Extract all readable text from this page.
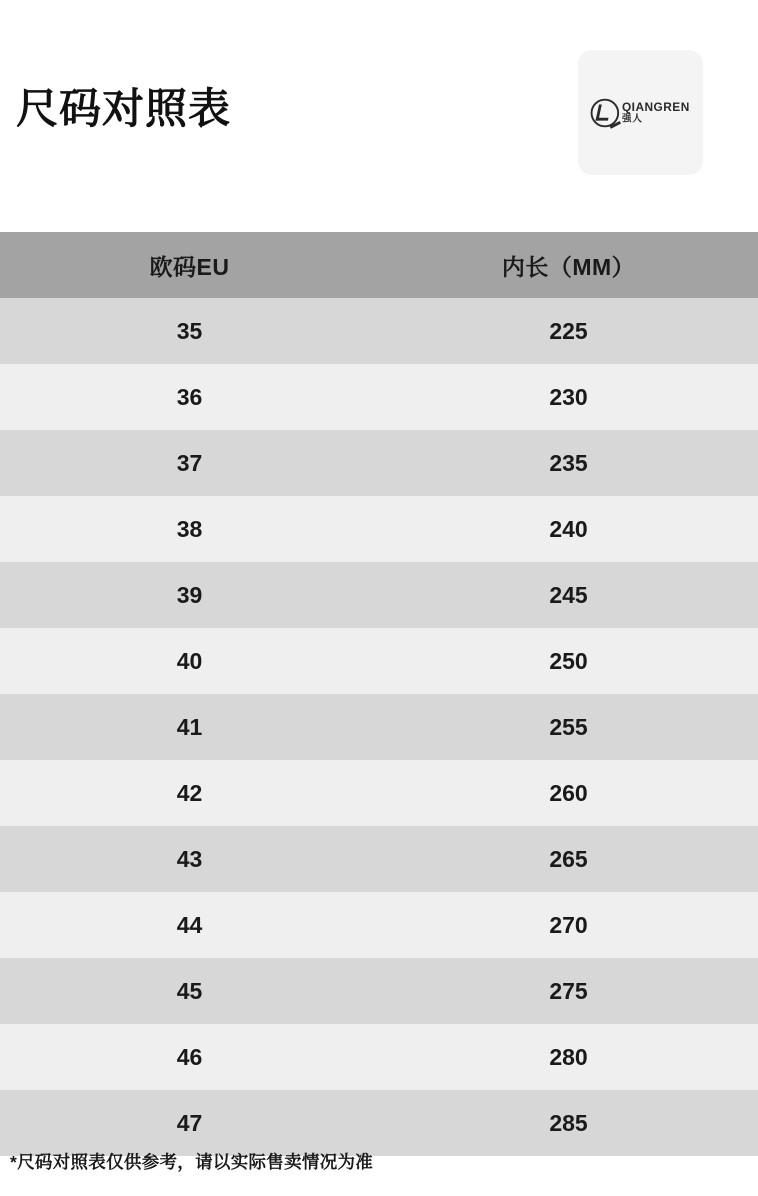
尺码对照表	QIANGREN
强人
欧码EU	内长（MM）
35	225
36	230
37	235
38	240
39	245
40	250
41	255
42	260
43	265
44	270
45	275
46	280
47	285
*尺码对照表仅供参考，请以实际售卖情况为准
